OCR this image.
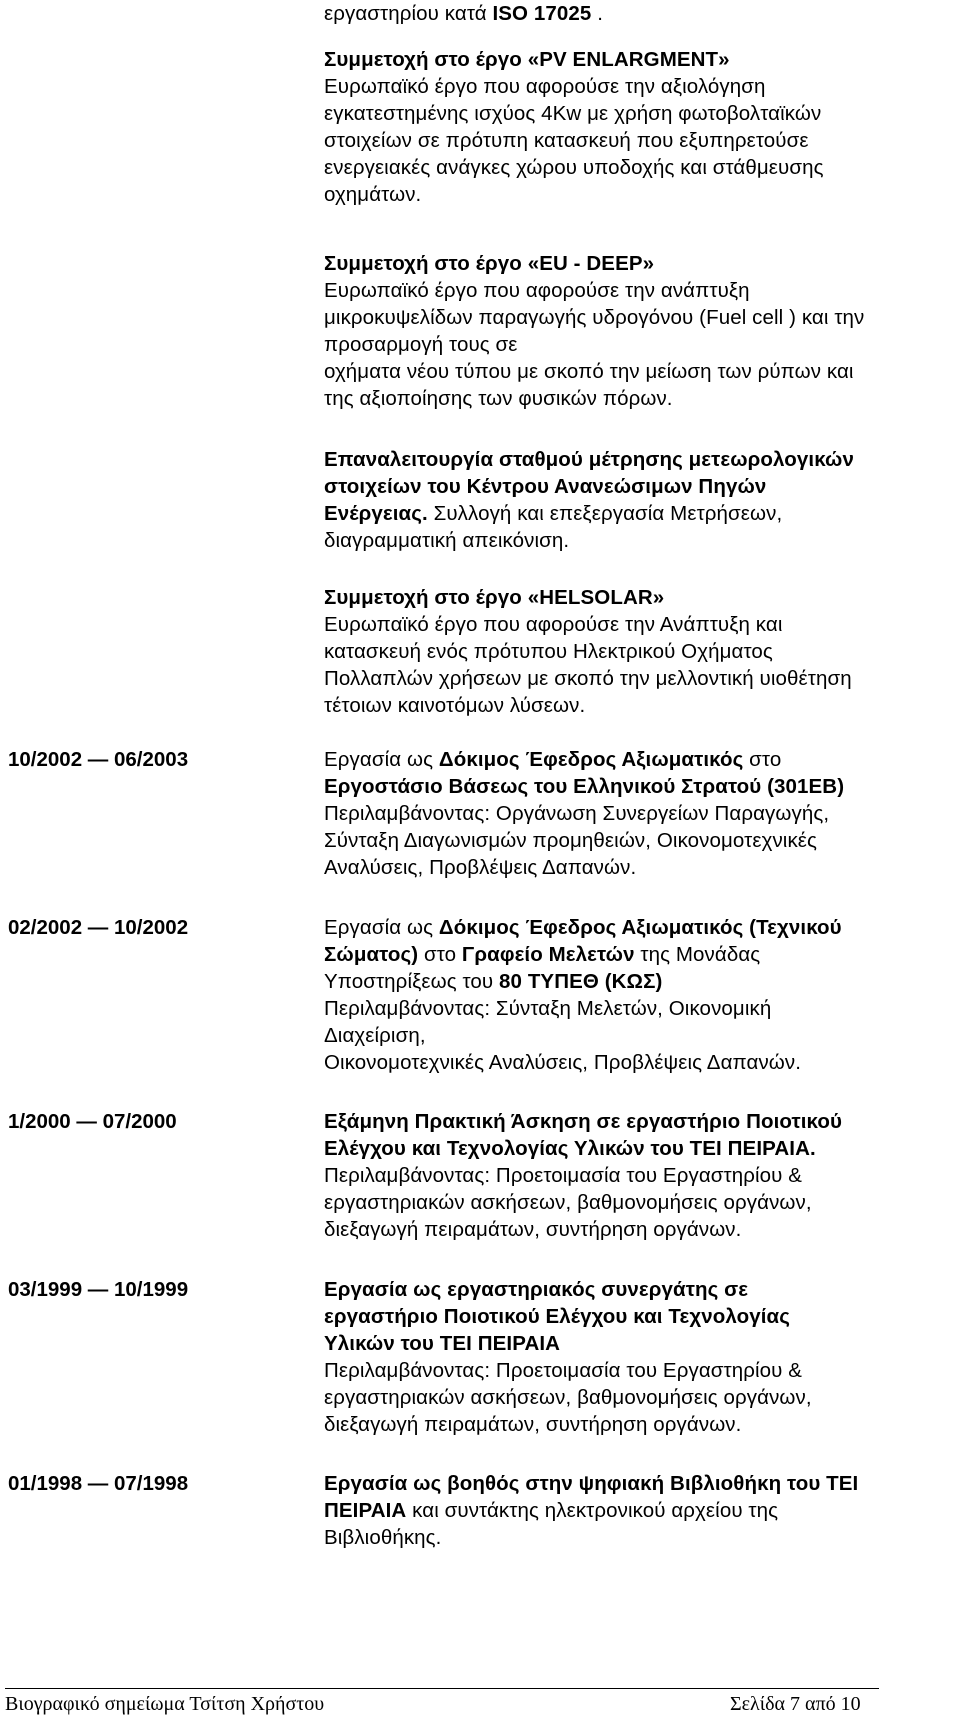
εργαστηρίου κατά ISO 17025 .
Συμμετοχή στο έργο «PV ENLARGMENT»
Ευρωπαϊκό έργο που αφορούσε την αξιολόγηση
εγκατεστημένης ισχύος 4Kw με χρήση φωτοβολταϊκών
στοιχείων σε πρότυπη κατασκευή που εξυπηρετούσε
ενεργειακές ανάγκες χώρου υποδοχής και στάθμευσης
οχημάτων.
Συμμετοχή στο έργο «EU - DEEP»
Ευρωπαϊκό έργο που αφορούσε την ανάπτυξη
μικροκυψελίδων παραγωγής υδρογόνου (Fuel cell ) και την
προσαρμογή τους σε
οχήματα νέου τύπου με σκοπό την μείωση των ρύπων και
της αξιοποίησης των φυσικών πόρων.
Επαναλειτουργία σταθμού μέτρησης μετεωρολογικών
στοιχείων του Κέντρου Ανανεώσιμων Πηγών
Ενέργειας. Συλλογή και επεξεργασία Μετρήσεων,
διαγραμματική απεικόνιση.
Συμμετοχή στο έργο «HELSOLAR»
Ευρωπαϊκό έργο που αφορούσε την Ανάπτυξη και
κατασκευή ενός πρότυπου Ηλεκτρικού Οχήματος
Πολλαπλών χρήσεων με σκοπό την μελλοντική υιοθέτηση
τέτοιων καινοτόμων λύσεων.
10/2002 — 06/2003	Εργασία ως Δόκιμος Έφεδρος Αξιωματικός στο
Εργοστάσιο Βάσεως του Ελληνικού Στρατού (301ΕΒ)
Περιλαμβάνοντας: Οργάνωση Συνεργείων Παραγωγής,
Σύνταξη Διαγωνισμών προμηθειών, Οικονομοτεχνικές
Αναλύσεις, Προβλέψεις Δαπανών.
02/2002 — 10/2002	Εργασία ως Δόκιμος Έφεδρος Αξιωματικός (Τεχνικού
Σώματος) στο Γραφείο Μελετών της Μονάδας
Υποστηρίξεως του 80 ΤΥΠΕΘ (ΚΩΣ)
Περιλαμβάνοντας: Σύνταξη Μελετών, Οικονομική
Διαχείριση,
Οικονομοτεχνικές Αναλύσεις, Προβλέψεις Δαπανών.
1/2000 — 07/2000	Εξάμηνη Πρακτική Άσκηση σε εργαστήριο Ποιοτικού
Ελέγχου και Τεχνολογίας Υλικών του ΤΕΙ ΠΕΙΡΑΙΑ.
Περιλαμβάνοντας: Προετοιμασία του Εργαστηρίου &
εργαστηριακών ασκήσεων, βαθμονομήσεις οργάνων,
διεξαγωγή πειραμάτων, συντήρηση οργάνων.
03/1999 — 10/1999	Εργασία ως εργαστηριακός συνεργάτης σε
εργαστήριο Ποιοτικού Ελέγχου και Τεχνολογίας
Υλικών του ΤΕΙ ΠΕΙΡΑΙΑ
Περιλαμβάνοντας: Προετοιμασία του Εργαστηρίου &
εργαστηριακών ασκήσεων, βαθμονομήσεις οργάνων,
διεξαγωγή πειραμάτων, συντήρηση οργάνων.
01/1998 — 07/1998	Εργασία ως βοηθός στην ψηφιακή Βιβλιοθήκη του ΤΕΙ
ΠΕΙΡΑΙΑ και συντάκτης ηλεκτρονικού αρχείου της
Βιβλιοθήκης.
Βιογραφικό σημείωμα Τσίτση Χρήστου	Σελίδα 7 από 10
